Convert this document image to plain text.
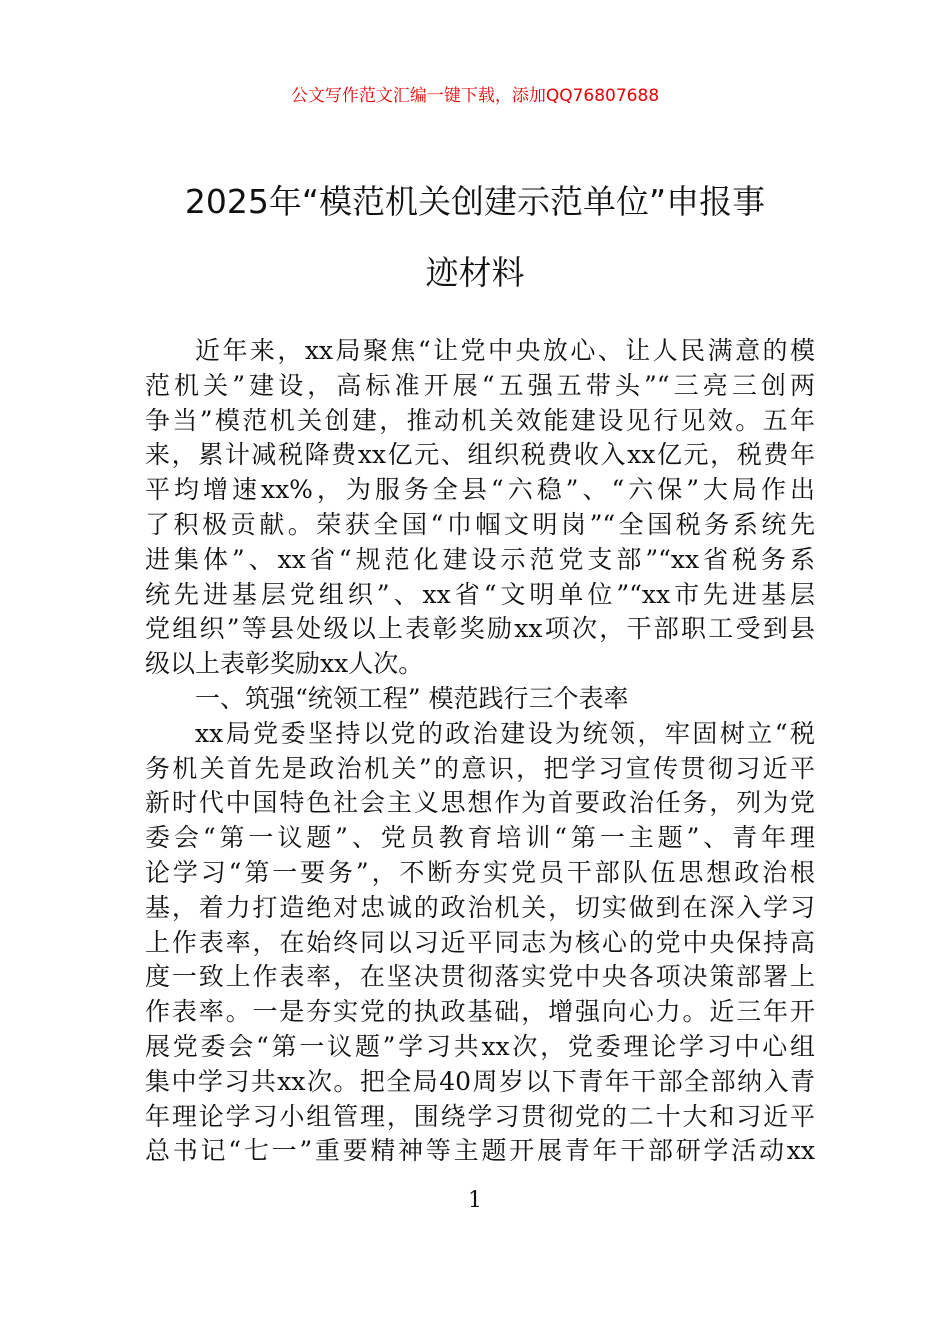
公文写作范文汇编一键下载，添加QQ76807688
2025年“模范机关创建示范单位”申报事
迹材料
近年来，xx局聚焦“让党中央放心、让人民满意的模
范机关”建设，高标准开展“五强五带头”“三亮三创两
争当”模范机关创建，推动机关效能建设见行见效。五年
来，累计减税降费xx亿元、组织税费收入xx亿元，税费年
平均增速xx%，为服务全县“六稳”、“六保”大局作出
了积极贡献。荣获全国“巾帼文明岗”“全国税务系统先
进集体”、xx省“规范化建设示范党支部”“xx省税务系
统先进基层党组织”、xx省“文明单位”“xx市先进基层
党组织”等县处级以上表彰奖励xx项次，干部职工受到县
级以上表彰奖励xx人次。
一、筑强“统领工程” 模范践行三个表率
xx局党委坚持以党的政治建设为统领，牢固树立“税
务机关首先是政治机关”的意识，把学习宣传贯彻习近平
新时代中国特色社会主义思想作为首要政治任务，列为党
委会“第一议题”、党员教育培训“第一主题”、青年理
论学习“第一要务”，不断夯实党员干部队伍思想政治根
基，着力打造绝对忠诚的政治机关，切实做到在深入学习
上作表率，在始终同以习近平同志为核心的党中央保持高
度一致上作表率，在坚决贯彻落实党中央各项决策部署上
作表率。一是夯实党的执政基础，增强向心力。近三年开
展党委会“第一议题”学习共xx次，党委理论学习中心组
集中学习共xx次。把全局40周岁以下青年干部全部纳入青
年理论学习小组管理，围绕学习贯彻党的二十大和习近平
总书记“七一”重要精神等主题开展青年干部研学活动xx
1
